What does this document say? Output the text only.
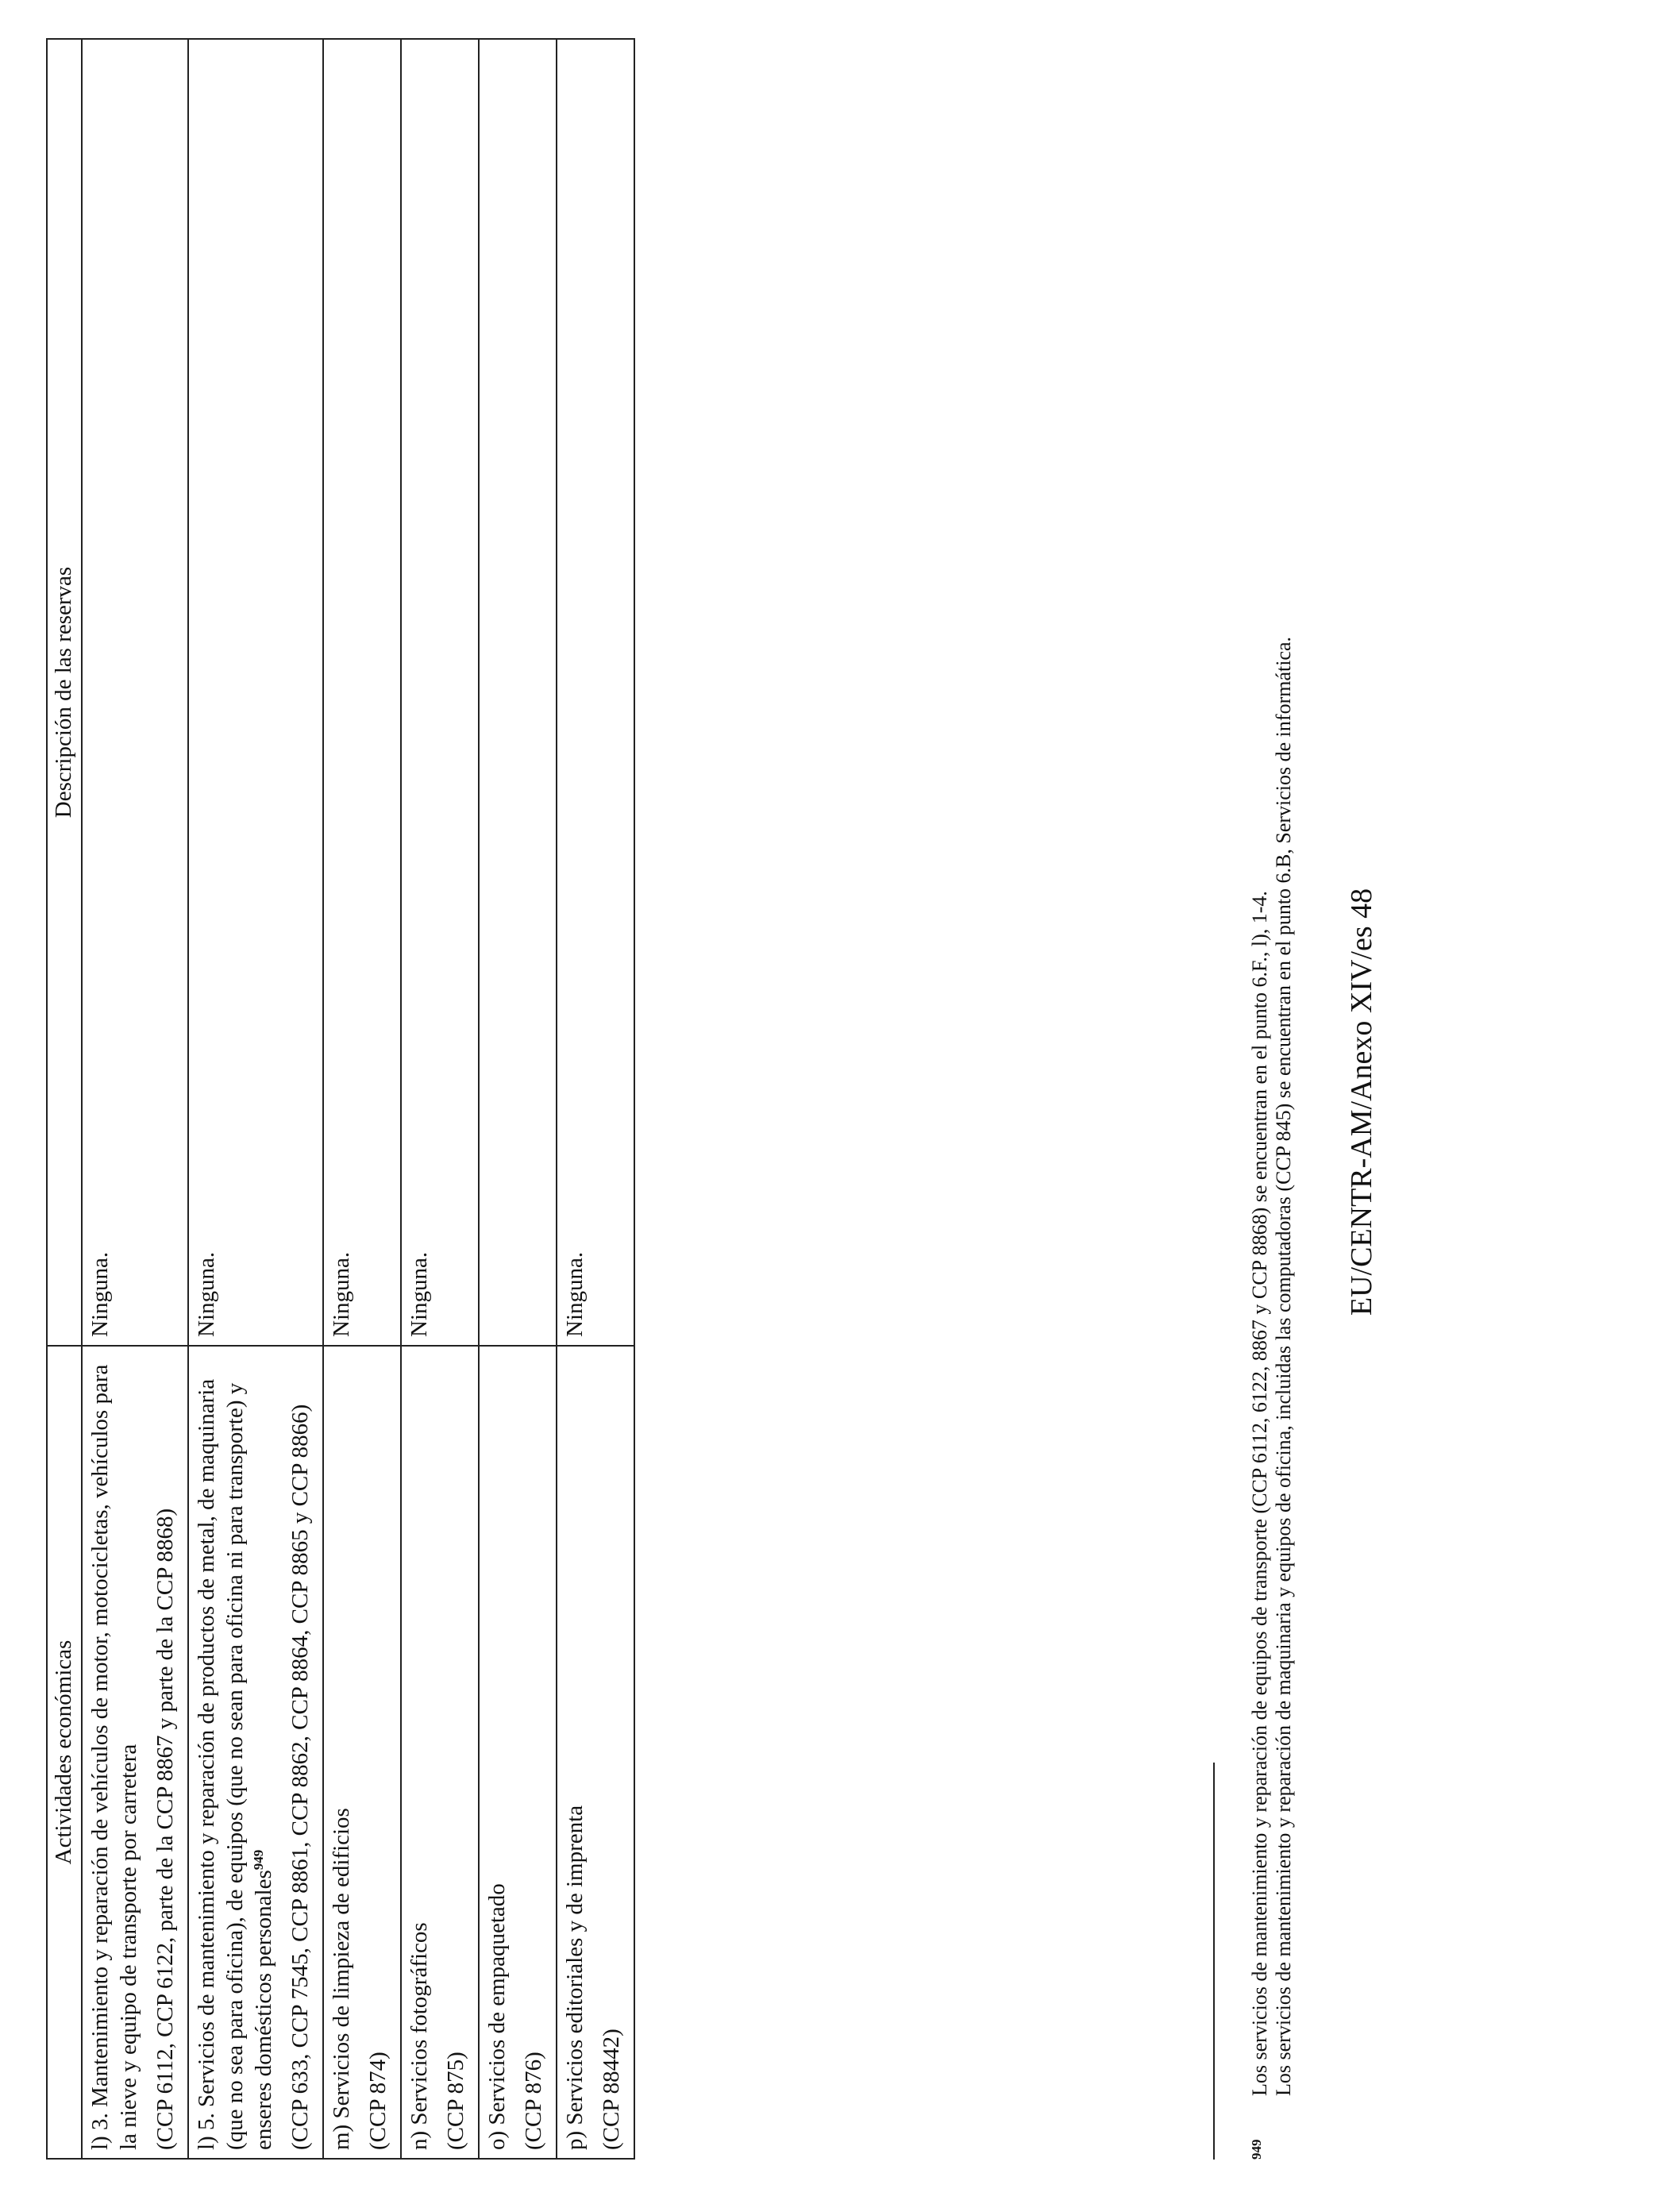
Actividades económicas	Descripción de las reservas

l) 3. Mantenimiento y reparación de vehículos de motor, motocicletas, vehículos para la nieve y equipo de transporte por carretera (CCP 6112, CCP 6122, parte de la CCP 8867 y parte de la CCP 8868)	Ninguna.

l) 5. Servicios de mantenimiento y reparación de productos de metal, de maquinaria (que no sea para oficina), de equipos (que no sean para oficina ni para transporte) y enseres domésticos personales$^{949}$ (CCP 633, CCP 7545, CCP 8861, CCP 8862, CCP 8864, CCP 8865 y CCP 8866)	Ninguna.

m) Servicios de limpieza de edificios (CCP 874)	Ninguna.

n) Servicios fotográficos (CCP 875)	Ninguna.

o) Servicios de empaquetado (CCP 876)	

p) Servicios editoriales y de imprenta (CCP 88442)	Ninguna.
949
Los servicios de mantenimiento y reparación de equipos de transporte (CCP 6112, 6122, 8867 y CCP 8868) se encuentran en el punto 6.F., l), 1-4. Los servicios de mantenimiento y reparación de maquinaria y equipos de oficina, incluidas las computadoras (CCP 845) se encuentran en el punto 6.B, Servicios de informática. EU/CENTR-AM/Anexo XIV/es 48
